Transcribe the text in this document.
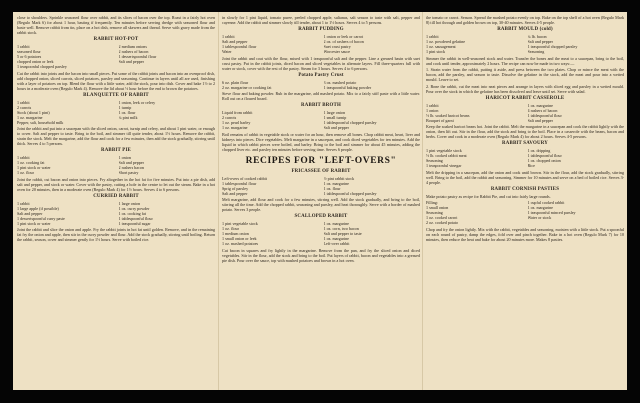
close to shoulders. Sprinkle seasoned flour over rabbit, and its slices of bacon over the top. Roast in a fairly hot oven (Regulo Mark 6) for about 1 hour, basting if frequently. Ten minutes before serving dredge with seasoned flour and baste well. Remove rabbit from tin, place on a hot dish, remove all skewers and thread. Serve with gravy made from the rabbit stock.

RABBIT HOT-POT
1 rabbit	2 medium onions
seasoned flour	2 rashers of bacon
5 or 6 potatoes	1 dessertspoonful flour
chopped onion or leek	Salt and pepper
1 teaspoonful chopped parsley

Cut the rabbit into joints and the bacon into small pieces. Put some of the rabbit joints and bacon into an ovenproof dish, add chopped onion, sliced carrots, sliced potatoes, parsley and seasoning. Continue in layers until all are used, finishing with a layer of potatoes on top. Blend the flour with a little water, add the stock, pour into dish. Cover and bake 1½ to 2 hours in a moderate oven (Regulo Mark 4). Remove the lid about ½ hour before the end to brown the potatoes.

BLANQUETTE OF RABBIT
1 rabbit	1 onion, leek or celery
2 carrots	1 turnip
Stock (about 1 pint)	1 oz. flour
1 oz. margarine	¼ pint milk
Pepper, salt, household milk

Joint the rabbit and put into a saucepan with the sliced onion, carrot, turnip and celery, and about 1 pint water, or enough to cover. Salt and pepper to taste. Bring to the boil, and simmer till quite tender, about 1½ hours. Remove the rabbit, strain the stock. Melt the margarine, add the flour and cook for a few minutes, then add the stock gradually, stirring until thick. Serves 4 to 5 persons.

RABBIT PIE
1 rabbit	1 onion
1 oz. cooking fat	Salt and pepper
1 pint stock or water	2 rashers bacon
1 oz. flour	Short pastry

Joint the rabbit, cut bacon and onion into pieces. Fry altogether in the hot fat for five minutes. Put into a pie dish, add salt and pepper, and stock or water. Cover with the pastry, cutting a hole in the centre to let out the steam. Bake in a hot oven for 20 minutes, then in a moderate oven (Regulo Mark 4) for 1½ hours. Serves 4 to 6 persons.

CURRIED RABBIT
1 rabbit	1 large onion
1 large apple (if possible)	1 oz. curry powder
Salt and pepper	1 oz. cooking fat
1 dessertspoonful curry paste	1 tablespoonful flour
1 pint stock or water	1 teaspoonful sugar

Joint the rabbit and slice the onion and apple. Fry the rabbit joints in hot fat until golden. Remove, and in the remaining fat fry the onion and apple, then stir in the curry powder and flour. Add the stock gradually, stirring until boiling. Return the rabbit, season, cover and simmer gently for 1½ hours. Serve with boiled rice.

in slowly for 1 pint liquid, tomato puree, peeled chopped apple, sultanas, salt season to taste with salt, pepper and cayenne. Add the rabbit and simmer slowly till tender, about 1 to 1½ hours. Serves 4 to 5 persons.

RABBIT PUDDING
1 rabbit	1 onion or leek or carrot
Salt and pepper	2 oz. of rashers of bacon
1 tablespoonful flour	Suet crust pastry
Water	Worcester sauce

Joint the rabbit and coat with the flour, mixed with 1 teaspoonful salt and the pepper. Line a greased basin with suet crust pastry. Put in the rabbit joints, diced bacon and sliced vegetables in alternate layers. Fill three-quarters full with water or stock, cover with the rest of the pastry. Steam for 3 hours. Serves 4 to 6 persons.

Potato Pastry Crust
6 oz. plain flour	3 oz. mashed potato
2 oz. margarine or cooking fat	1 teaspoonful baking powder

Sieve flour and baking powder. Rub in the margarine, add mashed potato. Mix to a fairly stiff paste with a little water. Roll out on a floured board.

RABBIT BROTH
Liquid from rabbit	1 large onion
2 carrots	1 small turnip
1 oz. pearl barley	1 tablespoonful chopped parsley
1 oz. margarine	Salt and pepper

Boil remains of rabbit in vegetable stock or water for an hour, then remove all bones. Chop rabbit meat, heart, liver and kidneys into pieces. Dice vegetables. Melt margarine in a saucepan, and cook diced vegetables for ten minutes. Add the liquid in which rabbit pieces were boiled, and barley. Bring to the boil and simmer for about 45 minutes, adding the chopped liver etc. and parsley ten minutes before serving time. Serves 6 people.

RECIPES FOR "LEFT-OVERS"
FRICASSEE OF RABBIT
Left-overs of cooked rabbit	½ pint rabbit stock
1 tablespoonful flour	1 oz. margarine
Sprig of parsley	1 oz. flour
Salt and pepper	1 tablespoonful chopped parsley

Melt margarine, add flour and cook for a few minutes, stirring well. Add the stock gradually, and bring to the boil, stirring all the time. Add the chopped rabbit, seasoning and parsley, and heat thoroughly. Serve with a border of mashed potato. Serves 3 people.

SCALLOPED RABBIT
1 pint vegetable stock	1 oz. margarine
1 oz. flour	1 oz. corn, two bacon
1 medium onion	Salt and pepper to taste
1 small onion or leek	1 oz. margarine
1 oz. mashed potatoes	Left-over rabbit

Cut bacon in squares and fry lightly in the margarine. Remove from the pan, and fry the sliced onion and diced vegetables. Stir in the flour, add the stock and bring to the boil. Put layers of rabbit, bacon and vegetables into a greased pie dish. Pour over the sauce, top with mashed potatoes and brown in a hot oven.

the tomato or carrot. Season. Spread the mashed potato evenly on top. Bake on the top shelf of a hot oven (Regulo Mark 8) till hot through and golden brown on top, 30-40 minutes. Serves 4-5 people.

RABBIT MOULD (cold)
1 rabbit	¼ lb. bacon
1 oz. powdered gelatine	Salt and pepper
1 oz. sausagemeat	1 teaspoonful chopped parsley
1 pint stock	Seasoning

Simmer the rabbit in well-seasoned stock and water. Transfer the bones and the meat to a saucepan, bring to the boil, and cook until tender, approximately 2 hours. The recipe can now be made in two ways:—

1. Strain water from the rabbit, putting it aside, and press between the two plates. Chop or mince the meat with the bacon, add the parsley, and season to taste. Dissolve the gelatine in the stock, add the meat and pour into a wetted mould. Leave to set.

2. Bone the rabbit, cut the meat into neat pieces and arrange in layers with sliced egg and parsley in a wetted mould. Pour over the stock in which the gelatine has been dissolved and leave until set. Serve with salad.

HARICOT RABBIT CASSEROLE
1 rabbit	1 oz. margarine
1 onion	4 rashers of bacon
½ lb. soaked haricot beans	1 tablespoonful flour
Bouquet of garni	Salt and pepper

Keep the soaked haricot beans hot. Joint the rabbit. Melt the margarine in a saucepan and cook the rabbit lightly with the onion, then lift out. Stir in the flour, add the stock and bring to the boil. Place in a casserole with the beans, bacon and herbs. Cover and cook in a moderate oven (Regulo Mark 4) for about 2 hours. Serves 4-5 persons.

RABBIT SAVOURY
1 pint vegetable stock	1 oz. dripping
½ lb. cooked rabbit meat	1 tablespoonful flour
Seasoning	1 oz. chopped onion
1 teaspoonful vinegar	Rice

Melt the dripping in a saucepan, add the onion and cook until brown. Stir in the flour, add the stock gradually, stirring well. Bring to the boil, add the rabbit and seasoning. Simmer for 10 minutes and serve on a bed of boiled rice. Serves 3-4 people.

RABBIT CORNISH PASTIES

Make potato pastry as recipe for Rabbit Pie, and cut into fairly large rounds.

Filling:	1 cupful cooked rabbit
1 small onion	1 oz. margarine
Seasoning	1 teaspoonful minced parsley
1 oz. cooked carrot	Water or stock
2 oz. cooked potato

Chop and fry the onion lightly. Mix with the rabbit, vegetables and seasoning, moisten with a little stock. Put a spoonful on each round of pastry, damp the edges, fold over and pinch together. Bake in a hot oven (Regulo Mark 7) for 10 minutes, then reduce the heat and bake for about 20 minutes more. Makes 8 pasties.
